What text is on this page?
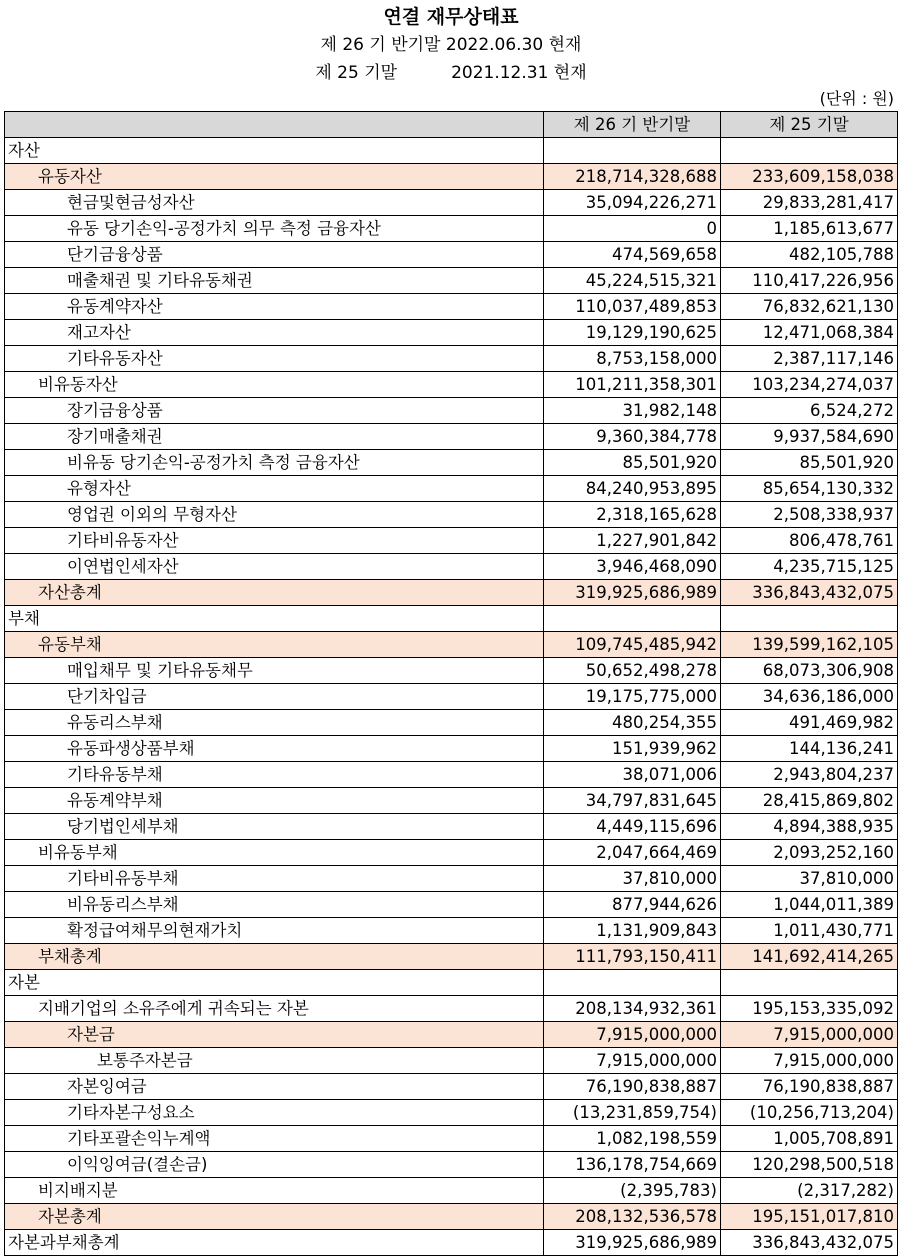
연결 재무상태표
제 26 기 반기말 2022.06.30 현재
제 25 기말          2021.12.31 현재
(단위 : 원)
	제 26 기 반기말	제 25 기말
자산		
유동자산	218,714,328,688	233,609,158,038
현금및현금성자산	35,094,226,271	29,833,281,417
유동 당기손익-공정가치 의무 측정 금융자산	0	1,185,613,677
단기금융상품	474,569,658	482,105,788
매출채권 및 기타유동채권	45,224,515,321	110,417,226,956
유동계약자산	110,037,489,853	76,832,621,130
재고자산	19,129,190,625	12,471,068,384
기타유동자산	8,753,158,000	2,387,117,146
비유동자산	101,211,358,301	103,234,274,037
장기금융상품	31,982,148	6,524,272
장기매출채권	9,360,384,778	9,937,584,690
비유동 당기손익-공정가치 측정 금융자산	85,501,920	85,501,920
유형자산	84,240,953,895	85,654,130,332
영업권 이외의 무형자산	2,318,165,628	2,508,338,937
기타비유동자산	1,227,901,842	806,478,761
이연법인세자산	3,946,468,090	4,235,715,125
자산총계	319,925,686,989	336,843,432,075
부채		
유동부채	109,745,485,942	139,599,162,105
매입채무 및 기타유동채무	50,652,498,278	68,073,306,908
단기차입금	19,175,775,000	34,636,186,000
유동리스부채	480,254,355	491,469,982
유동파생상품부채	151,939,962	144,136,241
기타유동부채	38,071,006	2,943,804,237
유동계약부채	34,797,831,645	28,415,869,802
당기법인세부채	4,449,115,696	4,894,388,935
비유동부채	2,047,664,469	2,093,252,160
기타비유동부채	37,810,000	37,810,000
비유동리스부채	877,944,626	1,044,011,389
확정급여채무의현재가치	1,131,909,843	1,011,430,771
부채총계	111,793,150,411	141,692,414,265
자본		
지배기업의 소유주에게 귀속되는 자본	208,134,932,361	195,153,335,092
자본금	7,915,000,000	7,915,000,000
보통주자본금	7,915,000,000	7,915,000,000
자본잉여금	76,190,838,887	76,190,838,887
기타자본구성요소	(13,231,859,754)	(10,256,713,204)
기타포괄손익누계액	1,082,198,559	1,005,708,891
이익잉여금(결손금)	136,178,754,669	120,298,500,518
비지배지분	(2,395,783)	(2,317,282)
자본총계	208,132,536,578	195,151,017,810
자본과부채총계	319,925,686,989	336,843,432,075
